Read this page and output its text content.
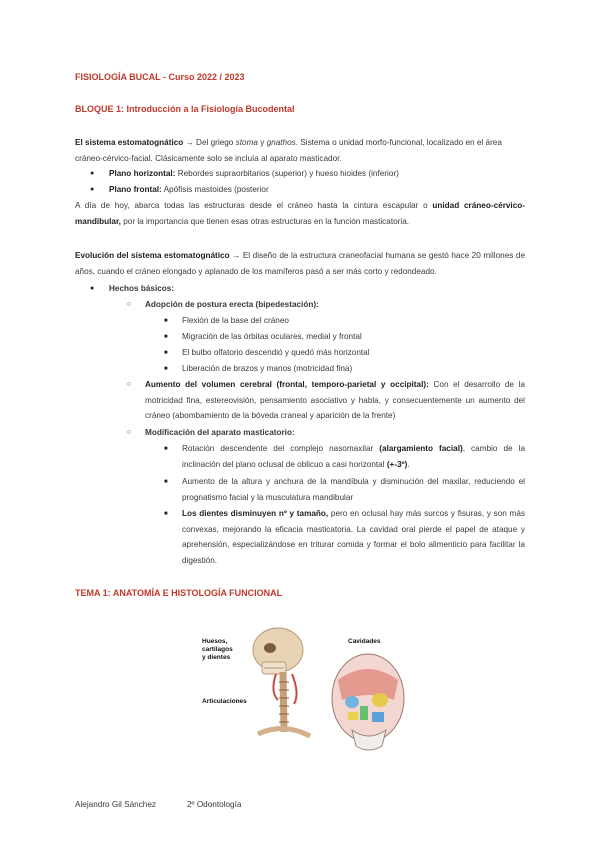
FISIOLOGÍA BUCAL - Curso 2022 / 2023
BLOQUE 1: Introducción a la Fisiología Bucodental

El sistema estomatognático → Del griego stoma y gnathos. Sistema o unidad morfo-funcional, localizado en el área cráneo-cérvico-facial. Clásicamente solo se incluía al aparato masticador.

●
Plano horizontal: Rebordes supraorbitarios (superior) y hueso hioides (inferior)
●
Plano frontal: Apófisis mastoides (posterior

A día de hoy, abarca todas las estructuras desde el cráneo hasta la cintura escapular o unidad cráneo-cérvico-mandibular, por la importancia que tienen esas otras estructuras en la función masticatoria.

Evolución del sistema estomatognático → El diseño de la estructura craneofacial humana se gestó hace 20 millones de años, cuando el cráneo elongado y aplanado de los mamíferos pasó a ser más corto y redondeado.

●
Hechos básicos:
○
Adopción de postura erecta (bipedestación):
■
Flexión de la base del cráneo
■
Migración de las órbitas oculares, medial y frontal
■
El bulbo olfatorio descendió y quedó más horizontal
■
Liberación de brazos y manos (motricidad fina)
○
Aumento del volumen cerebral (frontal, temporo-parietal y occipital): Con el desarrollo de la motricidad fina, estereovisión, pensamiento asociativo y habla, y consecuentemente un aumento del cráneo (abombamiento de la bóveda craneal y aparición de la frente)
○
Modificación del aparato masticatorio:
■
Rotación descendente del complejo nasomaxilar (alargamiento facial), cambio de la inclinación del plano oclusal de oblicuo a casi horizontal (+-3º).
■
Aumento de la altura y anchura de la mandíbula y disminución del maxilar, reduciendo el prognatismo facial y la musculatura mandibular
■
Los dientes disminuyen nº y tamaño, pero en oclusal hay más surcos y fisuras, y son más convexas, mejorando la eficacia masticatoria. La cavidad oral pierde el papel de ataque y aprehensión, especializándose en triturar comida y formar el bolo alimenticio para facilitar la digestión.
TEMA 1: ANATOMÍA E HISTOLOGÍA FUNCIONAL
Huesos,
cartílagos
y dientes
Articulaciones
Cavidades
Alejandro Gil Sánchez	2º Odontología
